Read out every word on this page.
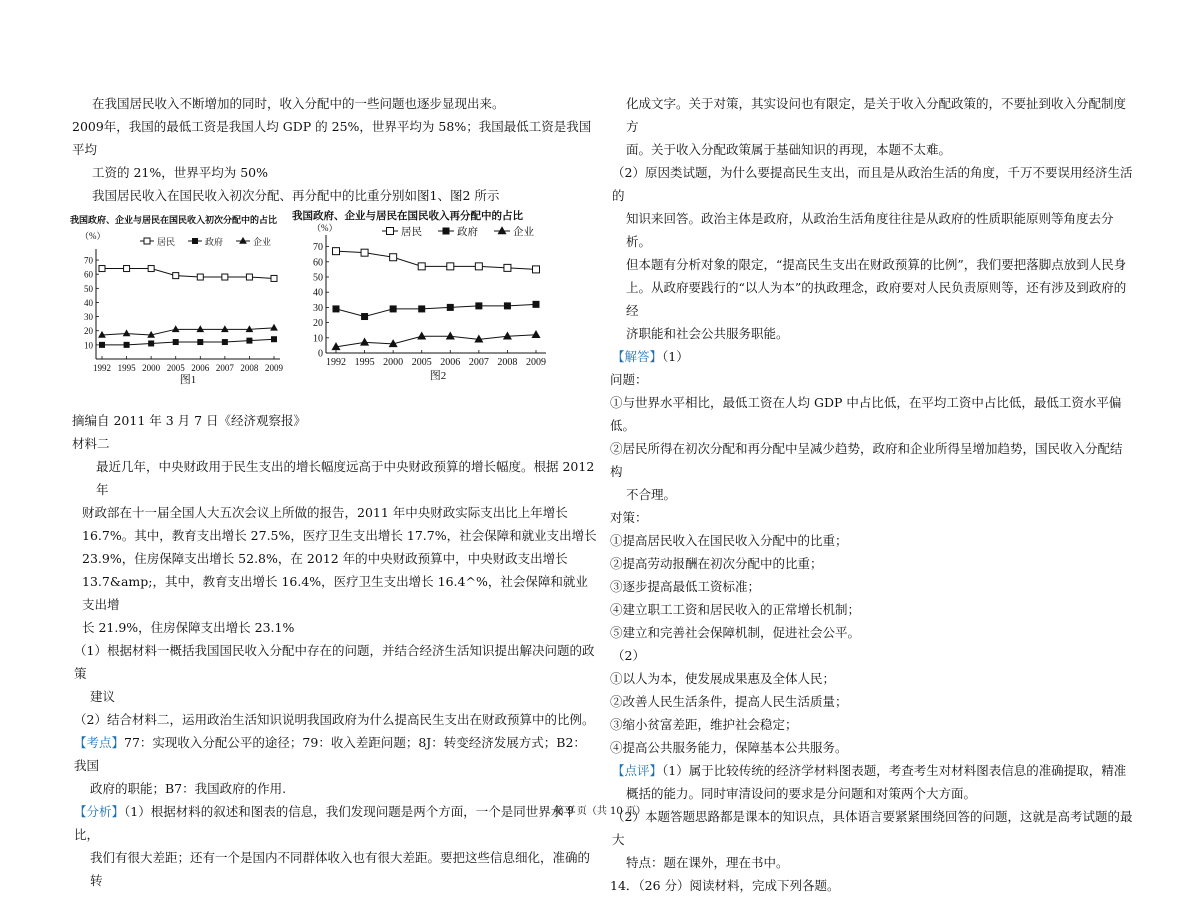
在我国居民收入不断增加的同时，收入分配中的一些问题也逐步显现出来。

2009年，我国的最低工资是我国人均 GDP 的 25%，世界平均为 58%；我国最低工资是我国平均

工资的 21%，世界平均为 50%

我国居民收入在国民收入初次分配、再分配中的比重分别如图1、图2 所示

我国政府、企业与居民在国民收入初次分配中的占比
（%）
10
20
30
40
50
60
70
1992 1995 2000 2005 2006 2007 2008 2009
居民	政府	企业
图1
我国政府、企业与居民在国民收入再分配中的占比
（%）
0
10
20
30
40
50
60
70
1992 1995 2000 2005 2006 2007 2008 2009
居民	政府	企业
图2

摘编自 2011 年 3 月 7 日《经济观察报》

材料二

最近几年，中央财政用于民生支出的增长幅度远高于中央财政预算的增长幅度。根据 2012 年

财政部在十一届全国人大五次会议上所做的报告，2011 年中央财政实际支出比上年增长

16.7%。其中，教育支出增长 27.5%，医疗卫生支出增长 17.7%，社会保障和就业支出增长

23.9%，住房保障支出增长 52.8%，在 2012 年的中央财政预算中，中央财政支出增长

13.7&amp;，其中，教育支出增长 16.4%，医疗卫生支出增长 16.4^%，社会保障和就业支出增

长 21.9%，住房保障支出增长 23.1%

（1）根据材料一概括我国国民收入分配中存在的问题，并结合经济生活知识提出解决问题的政策

建议

（2）结合材料二，运用政治生活知识说明我国政府为什么提高民生支出在财政预算中的比例。

【考点】77：实现收入分配公平的途径；79：收入差距问题；8J：转变经济发展方式；B2：我国

政府的职能；B7：我国政府的作用.

【分析】（1）根据材料的叙述和图表的信息，我们发现问题是两个方面，一个是同世界水平比，

我们有很大差距；还有一个是国内不同群体收入也有很大差距。要把这些信息细化，准确的转

化成文字。关于对策，其实设问也有限定，是关于收入分配政策的，不要扯到收入分配制度方

面。关于收入分配政策属于基础知识的再现，本题不太难。

（2）原因类试题，为什么要提高民生支出，而且是从政治生活的角度，千万不要误用经济生活的

知识来回答。政治主体是政府，从政治生活角度往往是从政府的性质职能原则等角度去分析。

但本题有分析对象的限定，“提高民生支出在财政预算的比例”，我们要把落脚点放到人民身

上。从政府要践行的“以人为本”的执政理念，政府要对人民负责原则等，还有涉及到政府的经

济职能和社会公共服务职能。

【解答】（1）

问题：

①与世界水平相比，最低工资在人均 GDP 中占比低，在平均工资中占比低，最低工资水平偏低。

②居民所得在初次分配和再分配中呈减少趋势，政府和企业所得呈增加趋势，国民收入分配结构

不合理。

对策：

①提高居民收入在国民收入分配中的比重；

②提高劳动报酬在初次分配中的比重；

③逐步提高最低工资标准；

④建立职工工资和居民收入的正常增长机制；

⑤建立和完善社会保障机制，促进社会公平。

（2）

①以人为本，使发展成果惠及全体人民；

②改善人民生活条件，提高人民生活质量；

③缩小贫富差距，维护社会稳定；

④提高公共服务能力，保障基本公共服务。

【点评】（1）属于比较传统的经济学材料图表题，考查考生对材料图表信息的准确提取，精准

概括的能力。同时审清设问的要求是分问题和对策两个大方面。

（2）本题答题思路都是课本的知识点，具体语言要紧紧围绕回答的问题，这就是高考试题的最大

特点：题在课外，理在书中。

14．（26 分）阅读材料，完成下列各题。

第 9 页（共 10 页）
